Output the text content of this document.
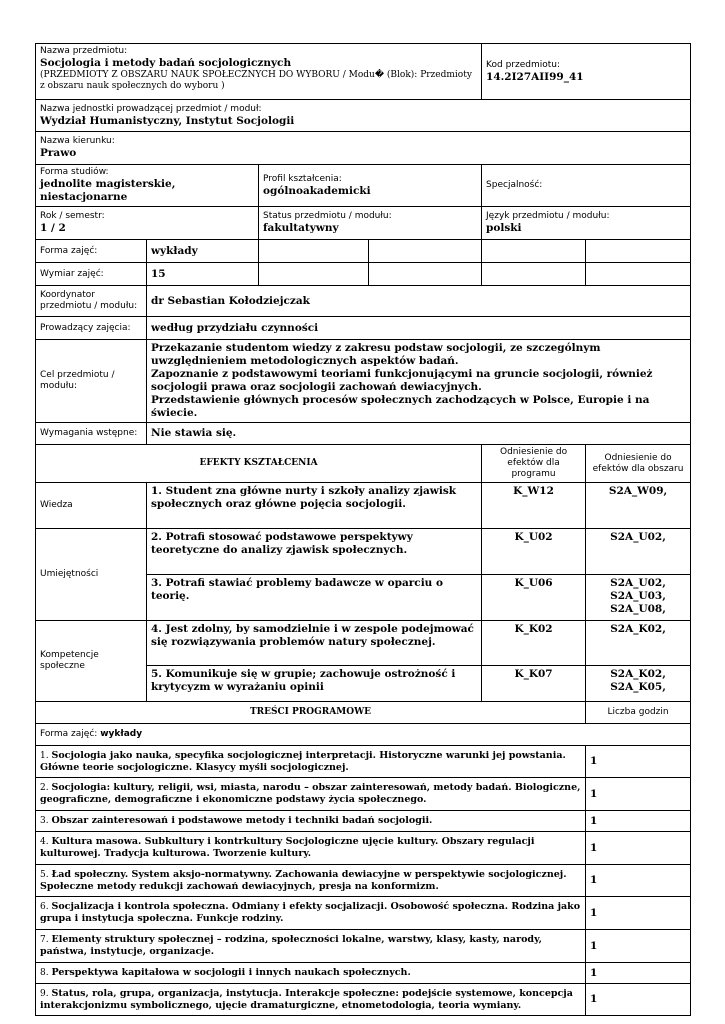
Nazwa przedmiotu:
Socjologia i metody badań socjologicznych
(PRZEDMIOTY Z OBSZARU NAUK SPOŁECZNYCH DO WYBORU / Modu� (Blok): Przedmioty z obszaru nauk społecznych do wyboru )				Kod przedmiotu:
14.2I27AII99_41	

Nazwa jednostki prowadzącej przedmiot / moduł:
Wydział Humanistyczny, Instytut Socjologii					

Nazwa kierunku:
Prawo					

Forma studiów:
jednolite magisterskie, niestacjonarne		Profil kształcenia:
ogólnoakademicki		Specjalność:	

Rok / semestr:
1 / 2		Status przedmiotu / modułu:
fakultatywny		Język przedmiotu / modułu:
polski	

Forma zajęć:	wykłady				
Wymiar zajęć:	15				
Koordynator przedmiotu / modułu:	dr Sebastian Kołodziejczak				
Prowadzący zajęcia:	według przydziału czynności				
Cel przedmiotu / modułu:	Przekazanie studentom wiedzy z zakresu podstaw socjologii, ze szczególnym uwzględnieniem metodologicznych aspektów badań.
Zapoznanie z podstawowymi teoriami funkcjonującymi na gruncie socjologii, również socjologii prawa oraz socjologii zachowań dewiacyjnych.
Przedstawienie głównych procesów społecznych zachodzących w Polsce, Europie i na świecie.				

Wymagania wstępne:	Nie stawia się.				
EFEKTY KSZTAŁCENIA				Odniesienie do efektów dla programu	Odniesienie do efektów dla obszaru
Wiedza	1. Student zna główne nurty i szkoły analizy zjawisk społecznych oraz główne pojęcia socjologii.			K_W12	S2A_W09,

Umiejętności	2. Potrafi stosować podstawowe perspektywy teoretyczne do analizy zjawisk społecznych.			K_U02	S2A_U02,

	3. Potrafi stawiać problemy badawcze w oparciu o teorię.			K_U06	S2A_U02,
S2A_U03,
S2A_U08,

Kompetencje społeczne	4. Jest zdolny, by samodzielnie i w zespole podejmować się rozwiązywania problemów natury społecznej.			K_K02	S2A_K02,

	5. Komunikuje się w grupie; zachowuje ostrożność i krytycyzm w wyrażaniu opinii			K_K07	S2A_K02,
S2A_K05,

TREŚCI PROGRAMOWE					Liczba godzin
Forma zajęć: wykłady					
1. Socjologia jako nauka, specyfika socjologicznej interpretacji. Historyczne warunki jej powstania. Główne teorie socjologiczne. Klasycy myśli socjologicznej.					1
2. Socjologia: kultury, religii, wsi, miasta, narodu – obszar zainteresowań, metody badań. Biologiczne, geograficzne, demograficzne i ekonomiczne podstawy życia społecznego.					1
3. Obszar zainteresowań i podstawowe metody i techniki badań socjologii.					1
4. Kultura masowa. Subkultury i kontrkultury Socjologiczne ujęcie kultury. Obszary regulacji kulturowej. Tradycja kulturowa. Tworzenie kultury.					1
5. Ład społeczny. System aksjo-normatywny. Zachowania dewiacyjne w perspektywie socjologicznej. Społeczne metody redukcji zachowań dewiacyjnych, presja na konformizm.					1
6. Socjalizacja i kontrola społeczna. Odmiany i efekty socjalizacji. Osobowość społeczna. Rodzina jako grupa i instytucja społeczna. Funkcje rodziny.					1
7. Elementy struktury społecznej – rodzina, społeczności lokalne, warstwy, klasy, kasty, narody, państwa, instytucje, organizacje.					1
8. Perspektywa kapitałowa w socjologii i innych naukach społecznych.					1
9. Status, rola, grupa, organizacja, instytucja. Interakcje społeczne: podejście systemowe, koncepcja interakcjonizmu symbolicznego, ujęcie dramaturgiczne, etnometodologia, teoria wymiany.					1
